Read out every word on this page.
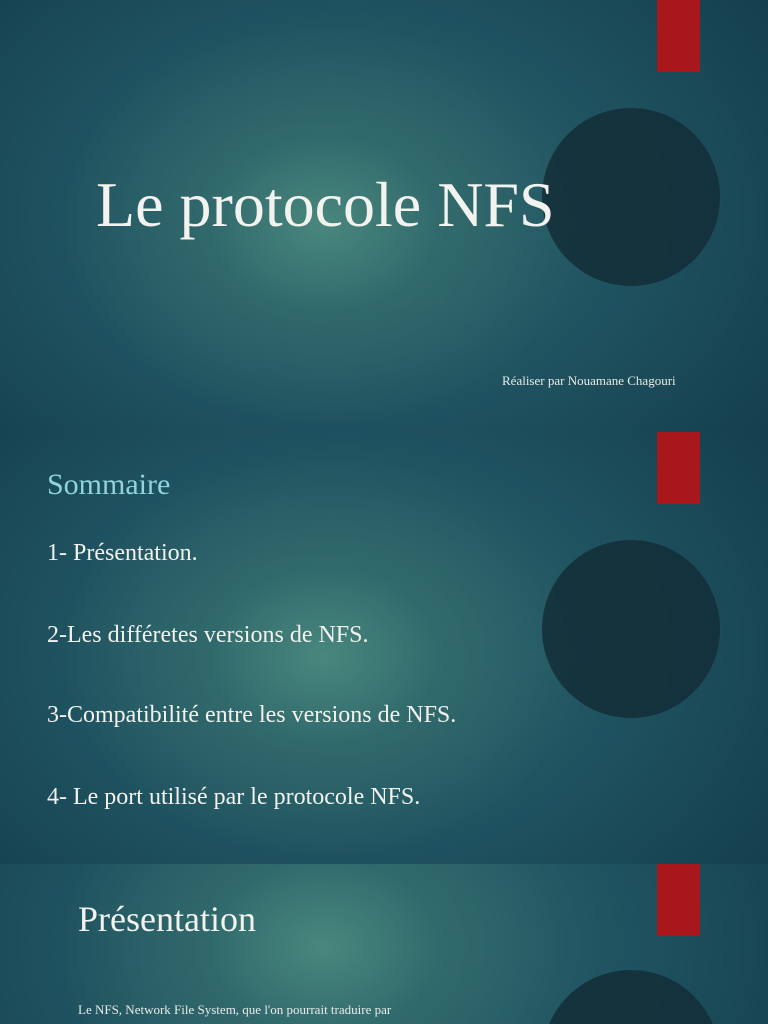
Le protocole NFS
Réaliser par Nouamane Chagouri
Sommaire
1- Présentation.
2-Les différetes versions de NFS.
3-Compatibilité entre les versions de NFS.
4- Le port utilisé par le protocole NFS.
Présentation
Le NFS, Network File System, que l'on pourrait traduire par
